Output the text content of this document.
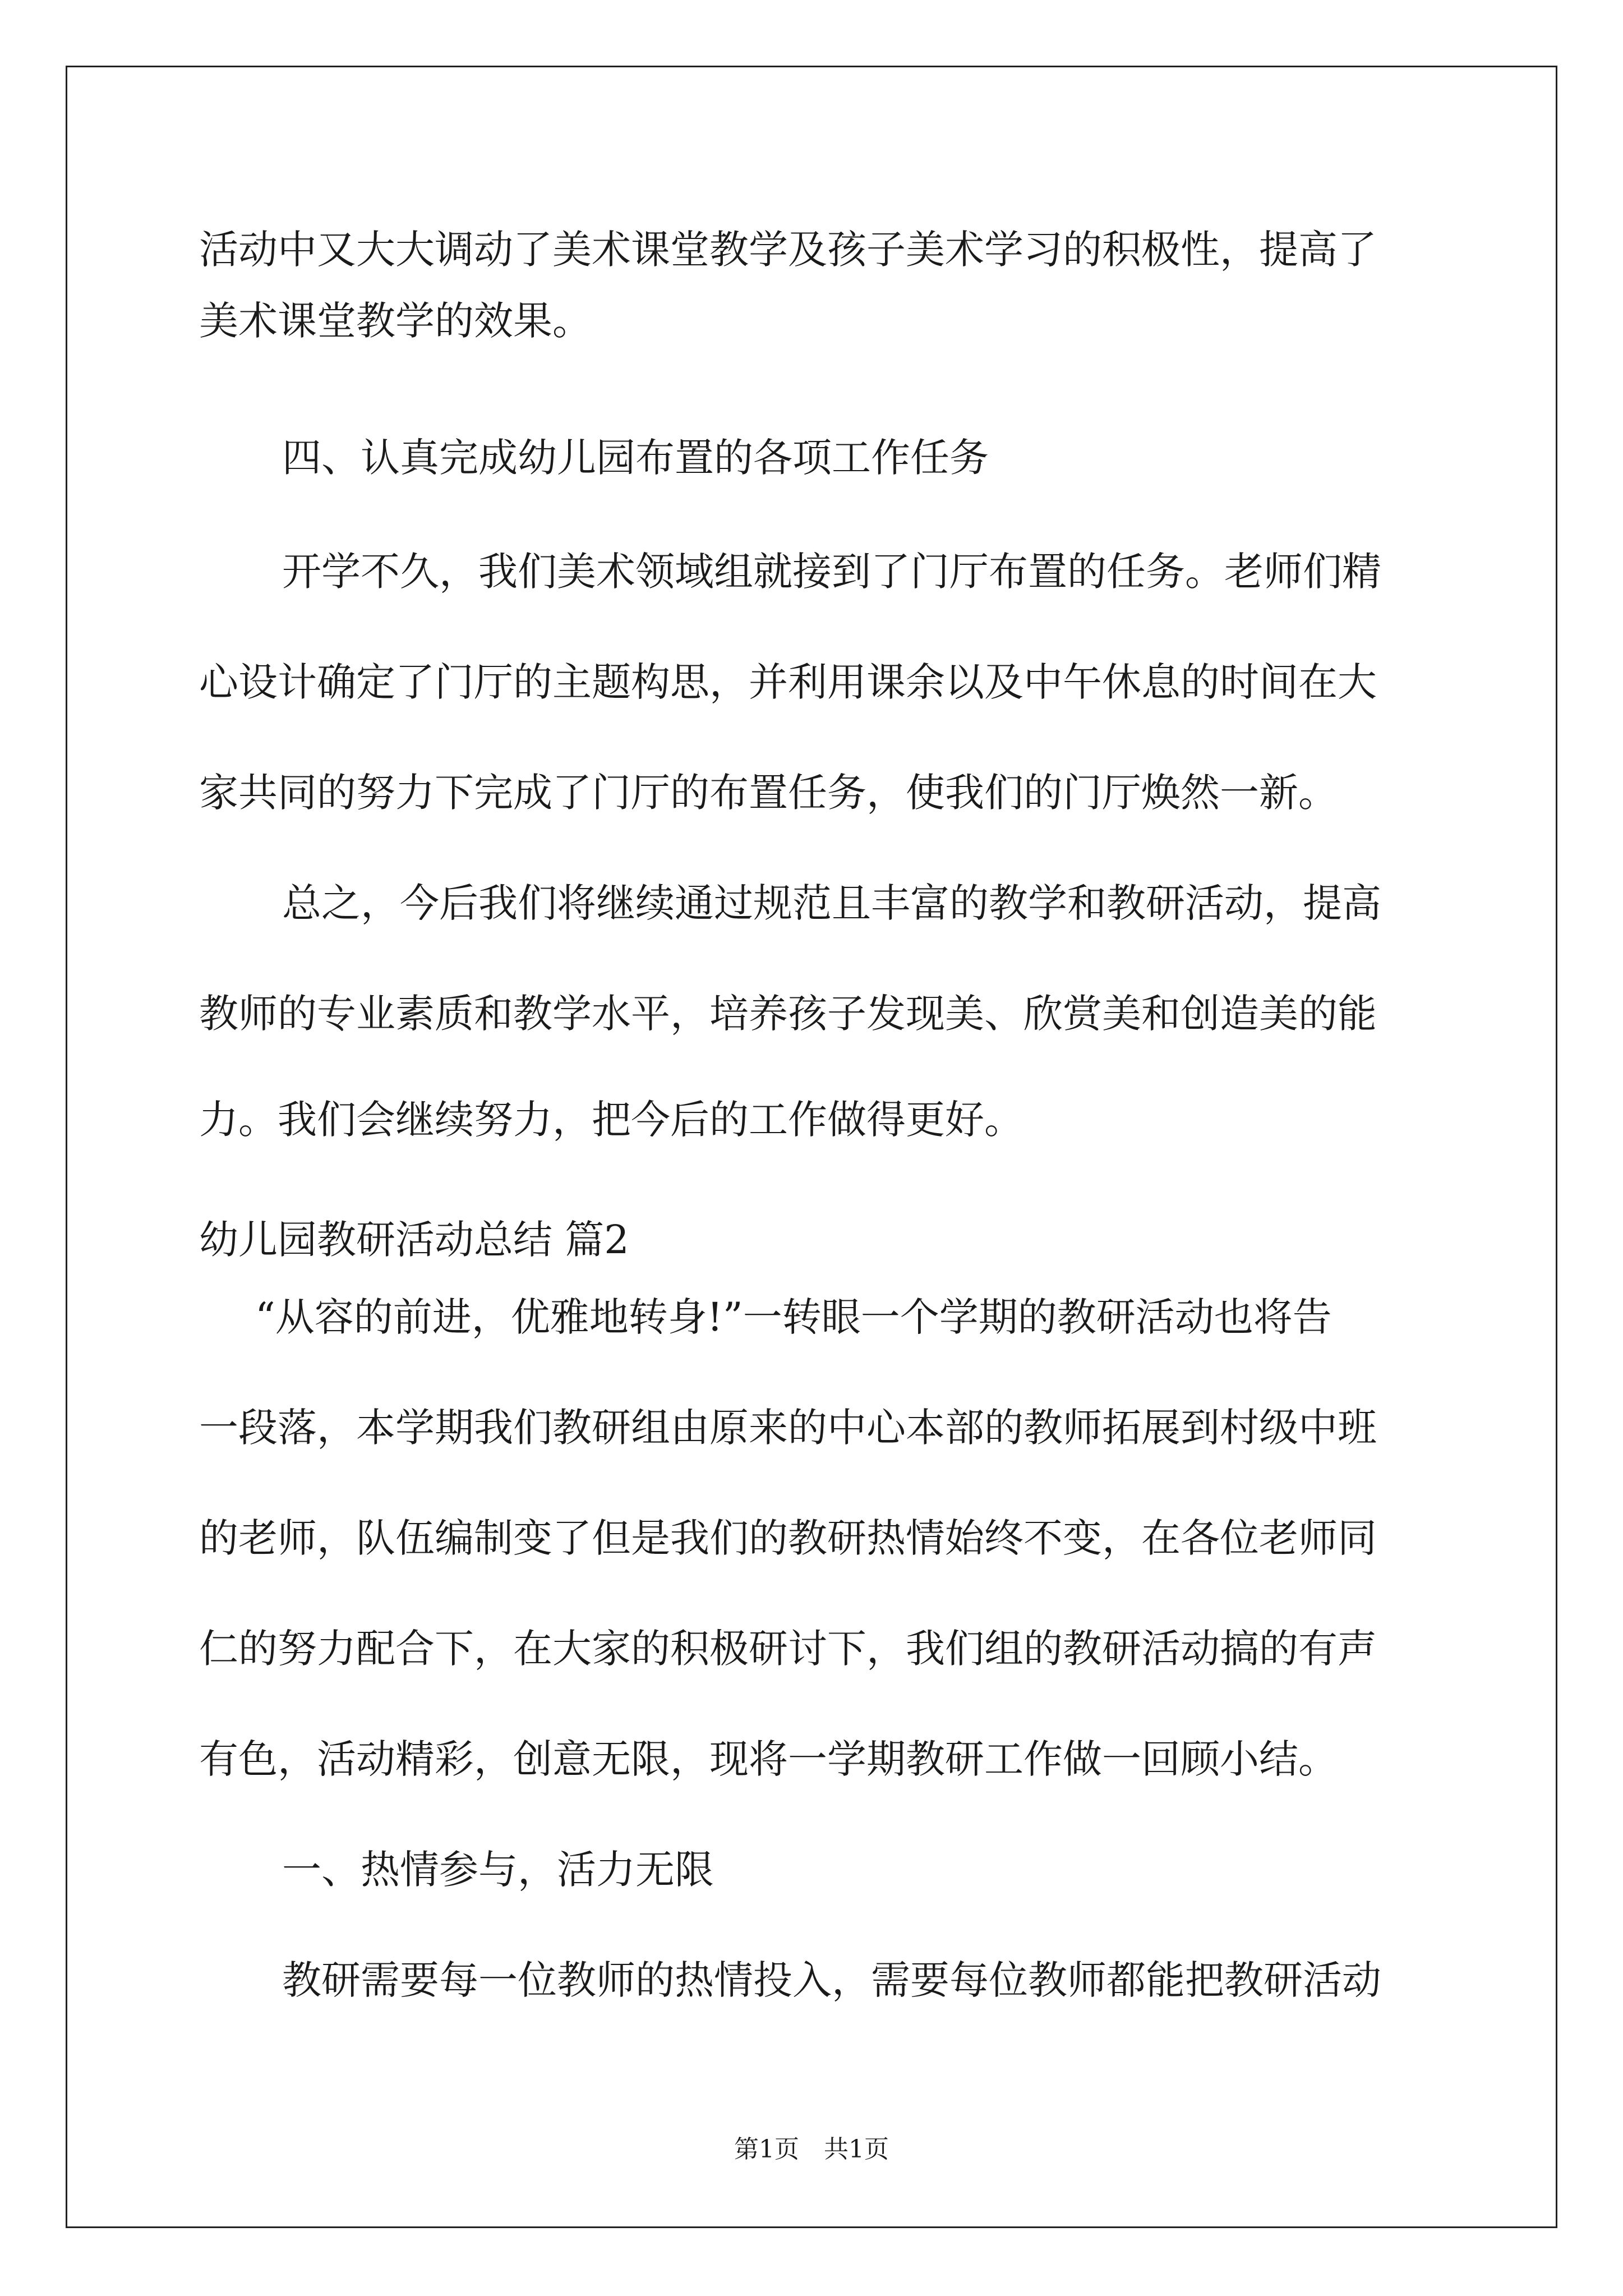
活动中又大大调动了美术课堂教学及孩子美术学习的积极性，提高了
美术课堂教学的效果。
四、认真完成幼儿园布置的各项工作任务
开学不久，我们美术领域组就接到了门厅布置的任务。老师们精
心设计确定了门厅的主题构思，并利用课余以及中午休息的时间在大
家共同的努力下完成了门厅的布置任务，使我们的门厅焕然一新。
总之，今后我们将继续通过规范且丰富的教学和教研活动，提高
教师的专业素质和教学水平，培养孩子发现美、欣赏美和创造美的能
力。我们会继续努力，把今后的工作做得更好。
幼儿园教研活动总结 篇2
“从容的前进，优雅地转身!”一转眼一个学期的教研活动也将告
一段落，本学期我们教研组由原来的中心本部的教师拓展到村级中班
的老师，队伍编制变了但是我们的教研热情始终不变，在各位老师同
仁的努力配合下，在大家的积极研讨下，我们组的教研活动搞的有声
有色，活动精彩，创意无限，现将一学期教研工作做一回顾小结。
一、热情参与，活力无限
教研需要每一位教师的热情投入，需要每位教师都能把教研活动
第1页　共1页
